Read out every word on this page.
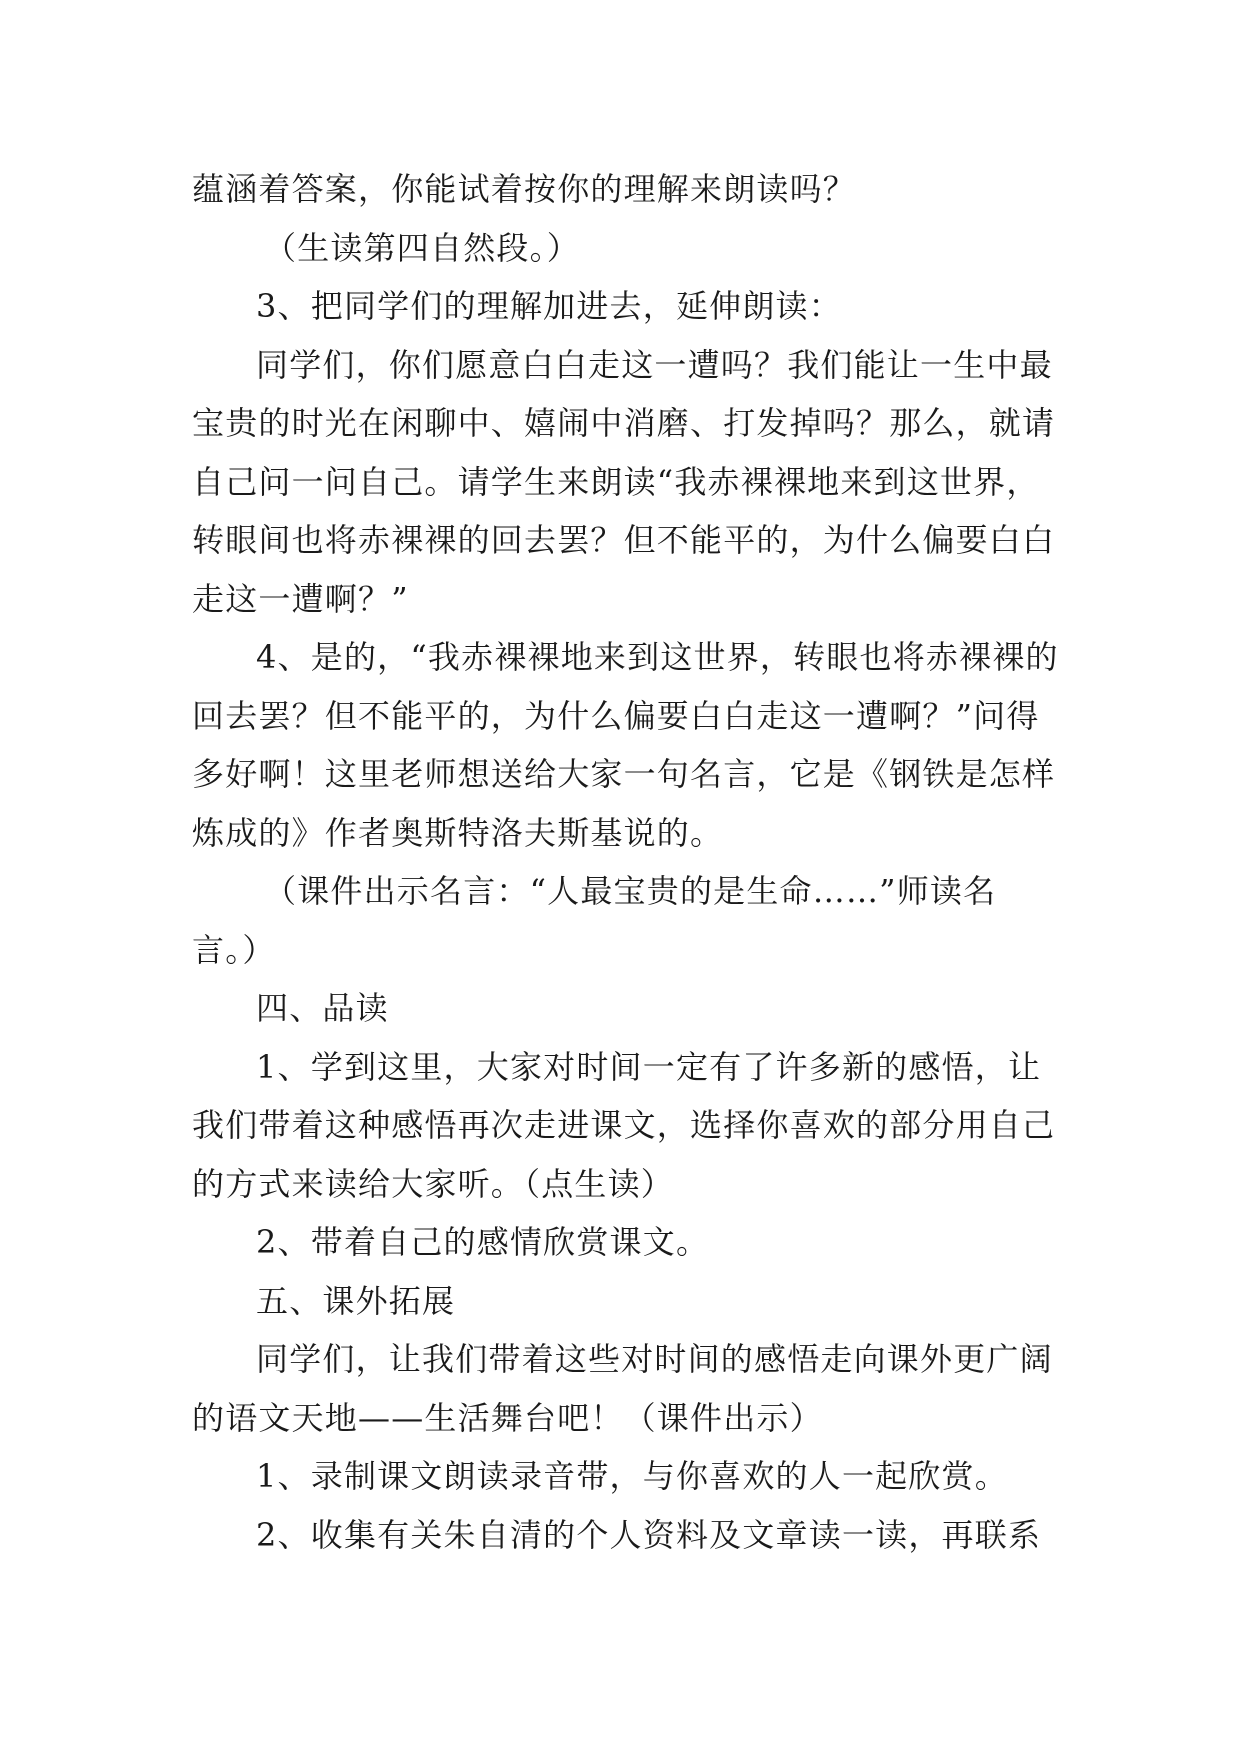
蕴涵着答案，你能试着按你的理解来朗读吗？
（生读第四自然段。）
3、把同学们的理解加进去，延伸朗读：
同学们，你们愿意白白走这一遭吗？我们能让一生中最
宝贵的时光在闲聊中、嬉闹中消磨、打发掉吗？那么，就请
自己问一问自己。请学生来朗读“我赤裸裸地来到这世界，
转眼间也将赤裸裸的回去罢？但不能平的，为什么偏要白白
走这一遭啊？”
4、是的，“我赤裸裸地来到这世界，转眼也将赤裸裸的
回去罢？但不能平的，为什么偏要白白走这一遭啊？”问得
多好啊！这里老师想送给大家一句名言，它是《钢铁是怎样
炼成的》作者奥斯特洛夫斯基说的。
（课件出示名言：“人最宝贵的是生命……”师读名
言。）
四、品读
1、学到这里，大家对时间一定有了许多新的感悟，让
我们带着这种感悟再次走进课文，选择你喜欢的部分用自己
的方式来读给大家听。（点生读）
2、带着自己的感情欣赏课文。
五、课外拓展
同学们，让我们带着这些对时间的感悟走向课外更广阔
的语文天地——生活舞台吧！（课件出示）
1、录制课文朗读录音带，与你喜欢的人一起欣赏。
2、收集有关朱自清的个人资料及文章读一读，再联系
